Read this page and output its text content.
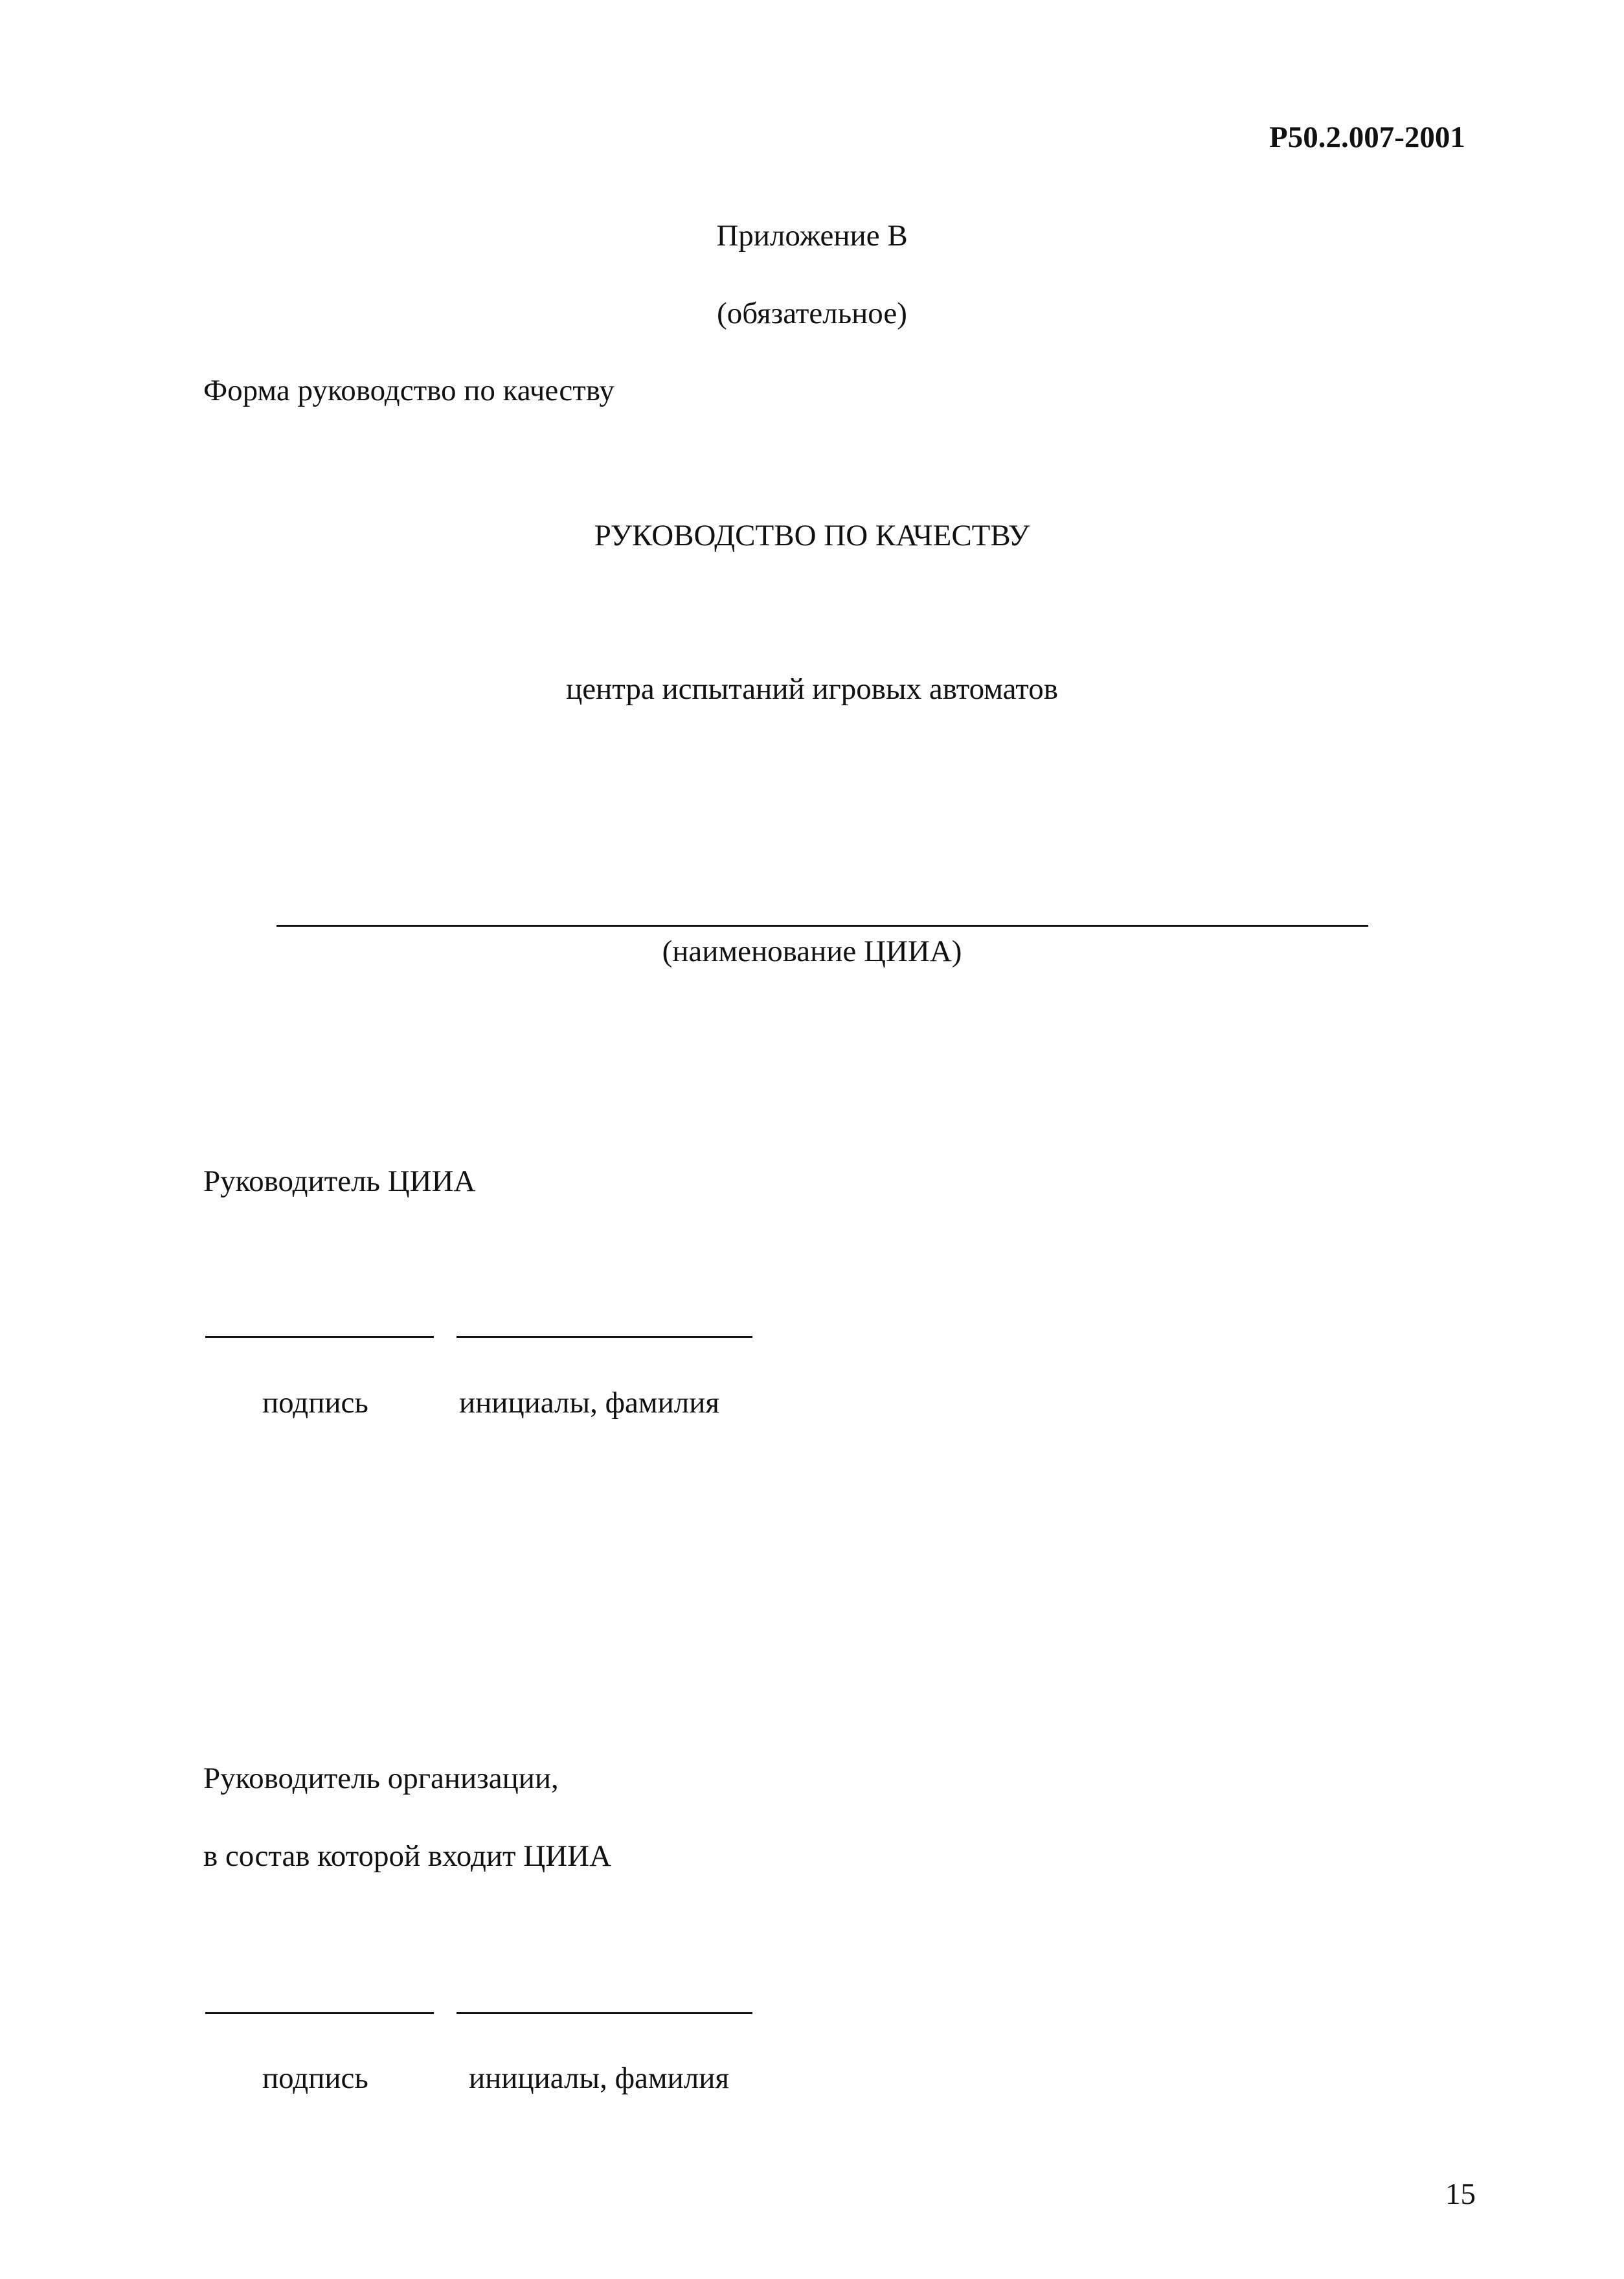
Р50.2.007-2001
Приложение В
(обязательное)
Форма руководство по качеству
РУКОВОДСТВО ПО КАЧЕСТВУ
центра испытаний игровых автоматов
(наименование ЦИИА)
Руководитель ЦИИА
подпись	инициалы, фамилия
Руководитель организации,
в состав которой входит ЦИИА
подпись	инициалы, фамилия
15
